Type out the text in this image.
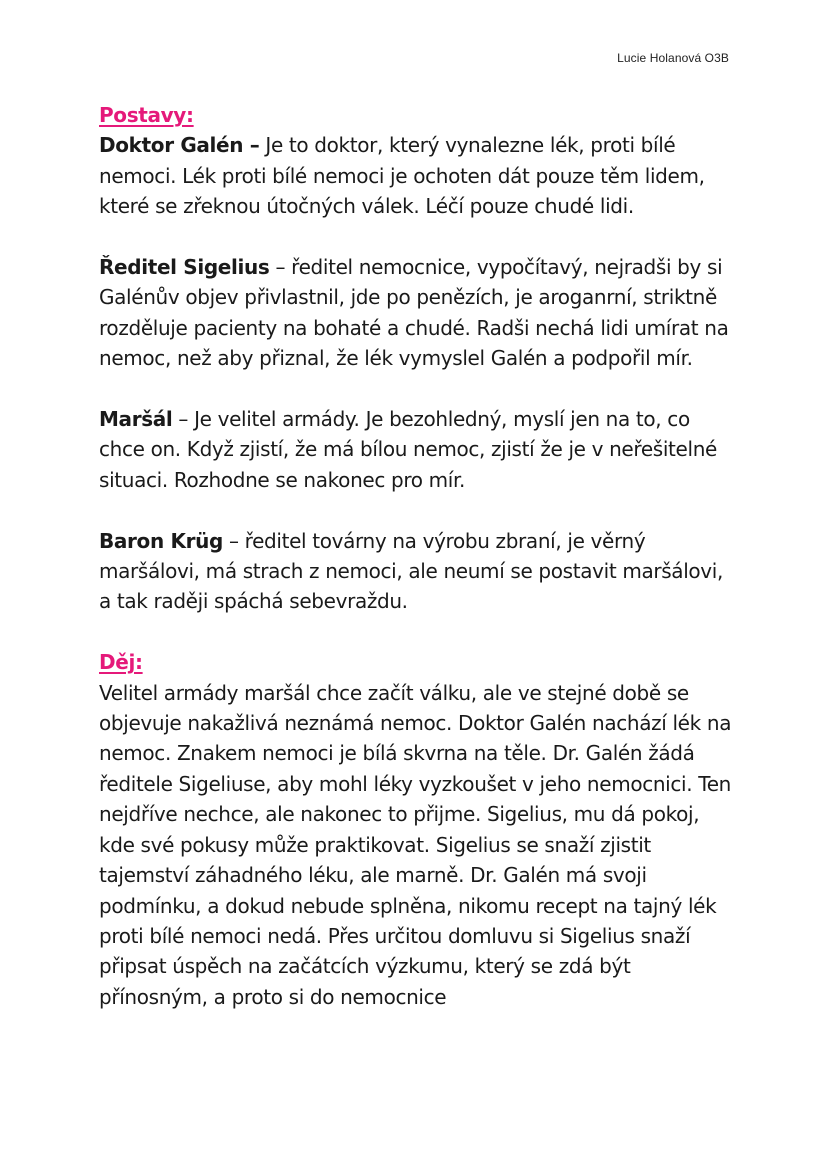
Lucie Holanová O3B

Postavy:

Doktor Galén – Je to doktor, který vynalezne lék, proti bílé nemoci. Lék proti bílé nemoci je ochoten dát pouze těm lidem, které se zřeknou útočných válek. Léčí pouze chudé lidi.

Ředitel Sigelius – ředitel nemocnice, vypočítavý, nejradši by si Galénův objev přivlastnil, jde po penězích, je aroganrní, striktně rozděluje pacienty na bohaté a chudé. Radši nechá lidi umírat na nemoc, než aby přiznal, že lék vymyslel Galén a podpořil mír.

Maršál – Je velitel armády. Je bezohledný, myslí jen na to, co chce on. Když zjistí, že má bílou nemoc, zjistí že je v neřešitelné situaci. Rozhodne se nakonec pro mír.

Baron Krüg – ředitel továrny na výrobu zbraní, je věrný maršálovi, má strach z nemoci, ale neumí se postavit maršálovi, a tak raději spáchá sebevraždu.

Děj:

Velitel armády maršál chce začít válku, ale ve stejné době se objevuje nakažlivá neznámá nemoc. Doktor Galén nachází lék na nemoc. Znakem nemoci je bílá skvrna na těle. Dr. Galén žádá ředitele Sigeliuse, aby mohl léky vyzkoušet v jeho nemocnici. Ten nejdříve nechce, ale nakonec to přijme. Sigelius, mu dá pokoj, kde své pokusy může praktikovat. Sigelius se snaží zjistit tajemství záhadného léku, ale marně. Dr. Galén má svoji podmínku, a dokud nebude splněna, nikomu recept na tajný lék proti bílé nemoci nedá. Přes určitou domluvu si Sigelius snaží připsat úspěch na začátcích výzkumu, který se zdá být přínosným, a proto si do nemocnice
